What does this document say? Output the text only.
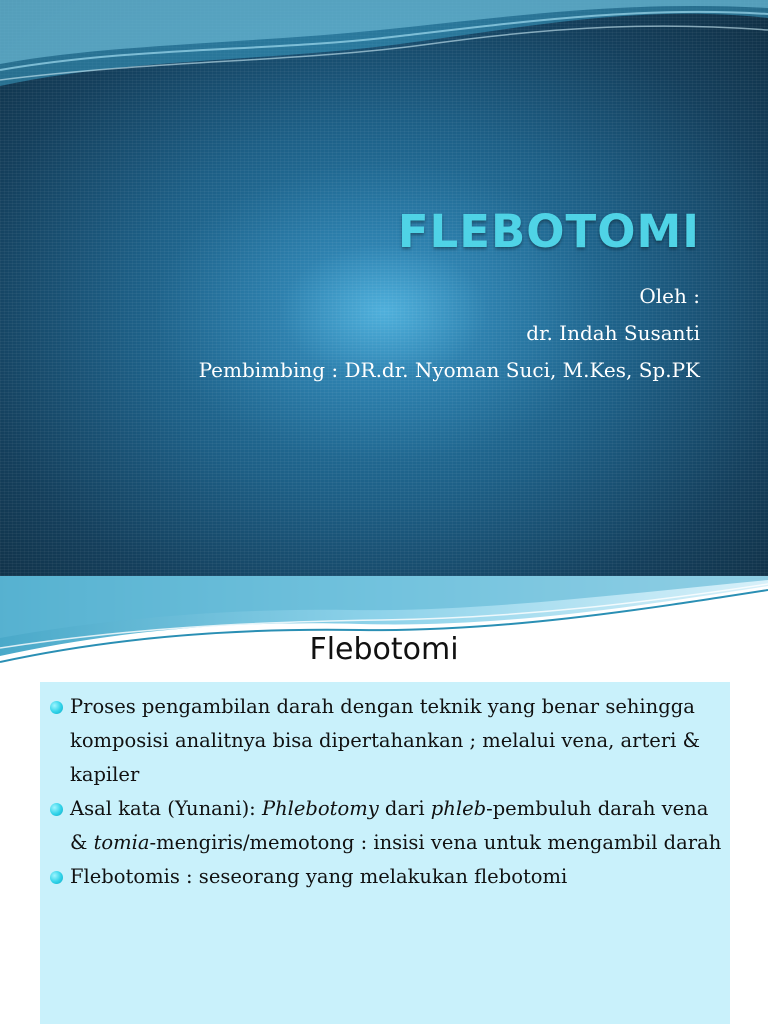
FLEBOTOMI
Oleh :
dr. Indah Susanti
Pembimbing : DR.dr. Nyoman Suci, M.Kes, Sp.PK
Flebotomi
Proses pengambilan darah dengan teknik yang benar sehingga komposisi analitnya bisa dipertahankan ; melalui vena, arteri & kapiler
Asal kata (Yunani): Phlebotomy dari phleb-pembuluh darah vena & tomia-mengiris/memotong : insisi vena untuk mengambil darah
Flebotomis : seseorang yang melakukan flebotomi
